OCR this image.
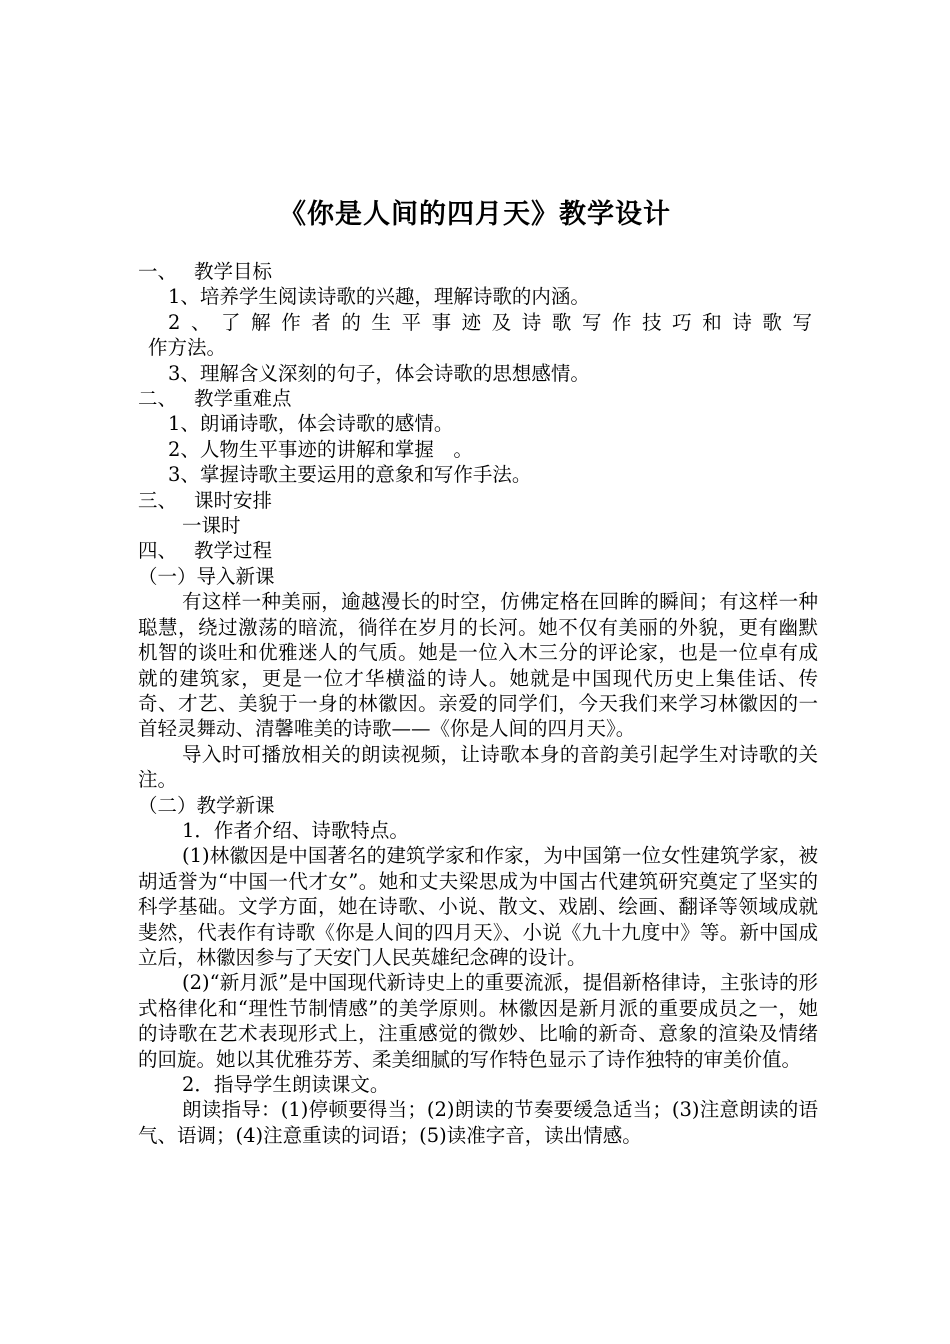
《你是人间的四月天》教学设计

一、 教学目标

1、培养学生阅读诗歌的兴趣，理解诗歌的内涵。

2、了解作者的生平事迹及诗歌写作技巧和诗歌写

作方法。

3、理解含义深刻的句子，体会诗歌的思想感情。

二、 教学重难点

1、朗诵诗歌，体会诗歌的感情。

2、人物生平事迹的讲解和掌握　。

3、掌握诗歌主要运用的意象和写作手法。

三、 课时安排

一课时

四、 教学过程

（一）导入新课

有这样一种美丽，逾越漫长的时空，仿佛定格在回眸的瞬间；有这样一种聪慧，绕过激荡的暗流，徜徉在岁月的长河。她不仅有美丽的外貌，更有幽默机智的谈吐和优雅迷人的气质。她是一位入木三分的评论家，也是一位卓有成就的建筑家，更是一位才华横溢的诗人。她就是中国现代历史上集佳话、传奇、才艺、美貌于一身的林徽因。亲爱的同学们，今天我们来学习林徽因的一首轻灵舞动、清馨唯美的诗歌——《你是人间的四月天》。

导入时可播放相关的朗读视频，让诗歌本身的音韵美引起学生对诗歌的关注。

（二）教学新课

1．作者介绍、诗歌特点。

(1)林徽因是中国著名的建筑学家和作家，为中国第一位女性建筑学家，被胡适誉为“中国一代才女”。她和丈夫梁思成为中国古代建筑研究奠定了坚实的科学基础。文学方面，她在诗歌、小说、散文、戏剧、绘画、翻译等领域成就斐然，代表作有诗歌《你是人间的四月天》、小说《九十九度中》等。新中国成立后，林徽因参与了天安门人民英雄纪念碑的设计。

(2)“新月派”是中国现代新诗史上的重要流派，提倡新格律诗，主张诗的形式格律化和“理性节制情感”的美学原则。林徽因是新月派的重要成员之一，她的诗歌在艺术表现形式上，注重感觉的微妙、比喻的新奇、意象的渲染及情绪的回旋。她以其优雅芬芳、柔美细腻的写作特色显示了诗作独特的审美价值。

2．指导学生朗读课文。

朗读指导：(1)停顿要得当；(2)朗读的节奏要缓急适当；(3)注意朗读的语气、语调；(4)注意重读的词语；(5)读准字音，读出情感。
